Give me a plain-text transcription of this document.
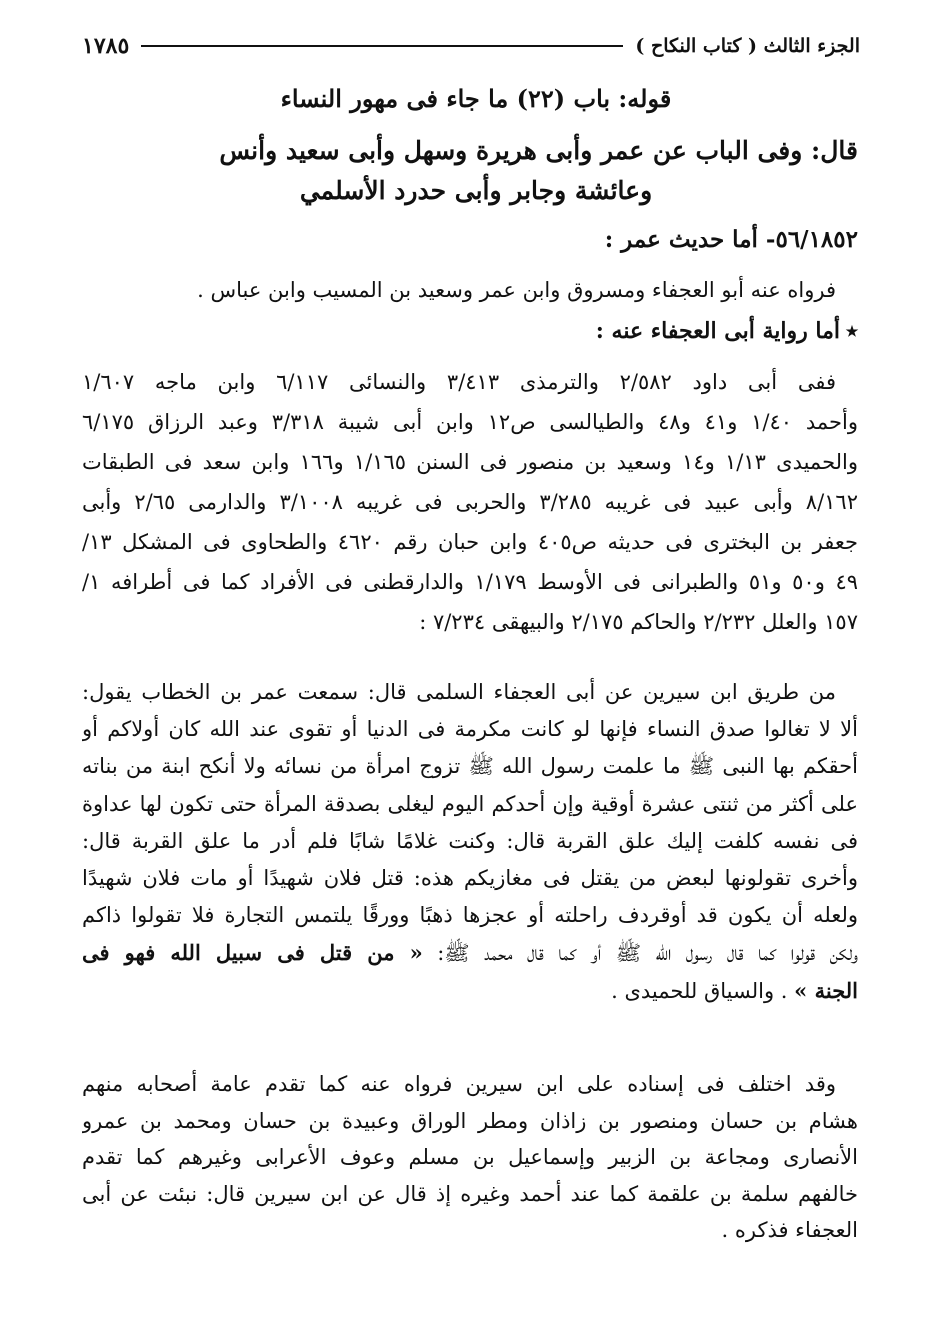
الجزء الثالث ( كتاب النكاح )
١٧٨٥
قوله: باب (٢٢) ما جاء فى مهور النساء
قال: وفى الباب عن عمر وأبى هريرة وسهل وأبى سعيد وأنس
وعائشة وجابر وأبى حدرد الأسلمي
٥٦/١٨٥٢- أما حديث عمر :
فرواه عنه أبو العجفاء ومسروق وابن عمر وسعيد بن المسيب وابن عباس .
٭أما رواية أبى العجفاء عنه :
ففى أبى داود ٢/٥٨٢ والترمذى ٣/٤١٣ والنسائى ٦/١١٧ وابن ماجه ١/٦٠٧
وأحمد ١/٤٠ و٤١ و٤٨ والطيالسى ص١٢ وابن أبى شيبة ٣/٣١٨ وعبد الرزاق ٦/١٧٥
والحميدى ١/١٣ و١٤ وسعيد بن منصور فى السنن ١/١٦٥ و١٦٦ وابن سعد فى الطبقات
٨/١٦٢ وأبى عبيد فى غريبه ٣/٢٨٥ والحربى فى غريبه ٣/١٠٠٨ والدارمى ٢/٦٥ وأبى
جعفر بن البخترى فى حديثه ص٤٠٥ وابن حبان رقم ٤٦٢٠ والطحاوى فى المشكل ١٣/
٤٩ و٥٠ و٥١ والطبرانى فى الأوسط ١/١٧٩ والدارقطنى فى الأفراد كما فى أطرافه ١/
١٥٧ والعلل ٢/٢٣٢ والحاكم ٢/١٧٥ والبيهقى ٧/٢٣٤ :
من طريق ابن سيرين عن أبى العجفاء السلمى قال: سمعت عمر بن الخطاب يقول:
ألا لا تغالوا صدق النساء فإنها لو كانت مكرمة فى الدنيا أو تقوى عند الله كان أولاكم أو
أحقكم بها النبى ﷺ ما علمت رسول الله ﷺ تزوج امرأة من نسائه ولا أنكح ابنة من بناته
على أكثر من ثنتى عشرة أوقية وإن أحدكم اليوم ليغلى بصدقة المرأة حتى تكون لها عداوة
فى نفسه كلفت إليك علق القربة قال: وكنت غلامًا شابًا فلم أدر ما علق القربة قال:
وأخرى تقولونها لبعض من يقتل فى مغازيكم هذه: قتل فلان شهيدًا أو مات فلان شهيدًا
ولعله أن يكون قد أوقردف راحلته أو عجزها ذهبًا وورقًا يلتمس التجارة فلا تقولوا ذاكم
ولكن قولوا كما قال رسول الله ﷺ أو كما قال محمد ﷺ: « من قتل فى سبيل الله فهو فى
الجنة » . والسياق للحميدى .
وقد اختلف فى إسناده على ابن سيرين فرواه عنه كما تقدم عامة أصحابه منهم
هشام بن حسان ومنصور بن زاذان ومطر الوراق وعبيدة بن حسان ومحمد بن عمرو
الأنصارى ومجاعة بن الزبير وإسماعيل بن مسلم وعوف الأعرابى وغيرهم كما تقدم
خالفهم سلمة بن علقمة كما عند أحمد وغيره إذ قال عن ابن سيرين قال: نبئت عن أبى
العجفاء فذكره .
